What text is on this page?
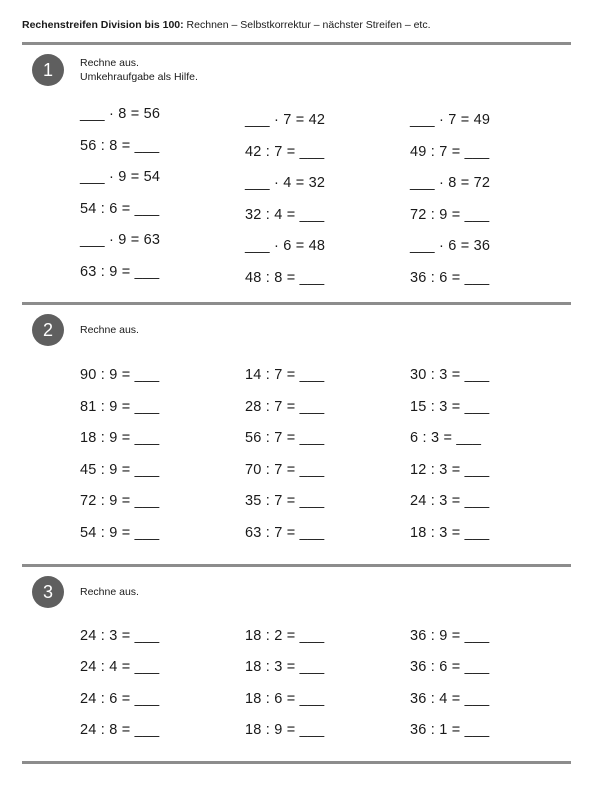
Rechenstreifen Division bis 100: Rechnen – Selbstkorrektur – nächster Streifen – etc.
1	Rechne aus.
Umkehraufgabe als Hilfe.
___ · 8 = 56
56 : 8 = ___
___ · 9 = 54
54 : 6 = ___
___ · 9 = 63
63 : 9 = ___
___ · 7 = 42
42 : 7 = ___
___ · 4 = 32
32 : 4 = ___
___ · 6 = 48
48 : 8 = ___
___ · 7 = 49
49 : 7 = ___
___ · 8 = 72
72 : 9 = ___
___ · 6 = 36
36 : 6 = ___
2	Rechne aus.
90 : 9 = ___
81 : 9 = ___
18 : 9 = ___
45 : 9 = ___
72 : 9 = ___
54 : 9 = ___
14 : 7 = ___
28 : 7 = ___
56 : 7 = ___
70 : 7 = ___
35 : 7 = ___
63 : 7 = ___
30 : 3 = ___
15 : 3 = ___
6 : 3 = ___
12 : 3 = ___
24 : 3 = ___
18 : 3 = ___
3	Rechne aus.
24 : 3 = ___
24 : 4 = ___
24 : 6 = ___
24 : 8 = ___
18 : 2 = ___
18 : 3 = ___
18 : 6 = ___
18 : 9 = ___
36 : 9 = ___
36 : 6 = ___
36 : 4 = ___
36 : 1 = ___
